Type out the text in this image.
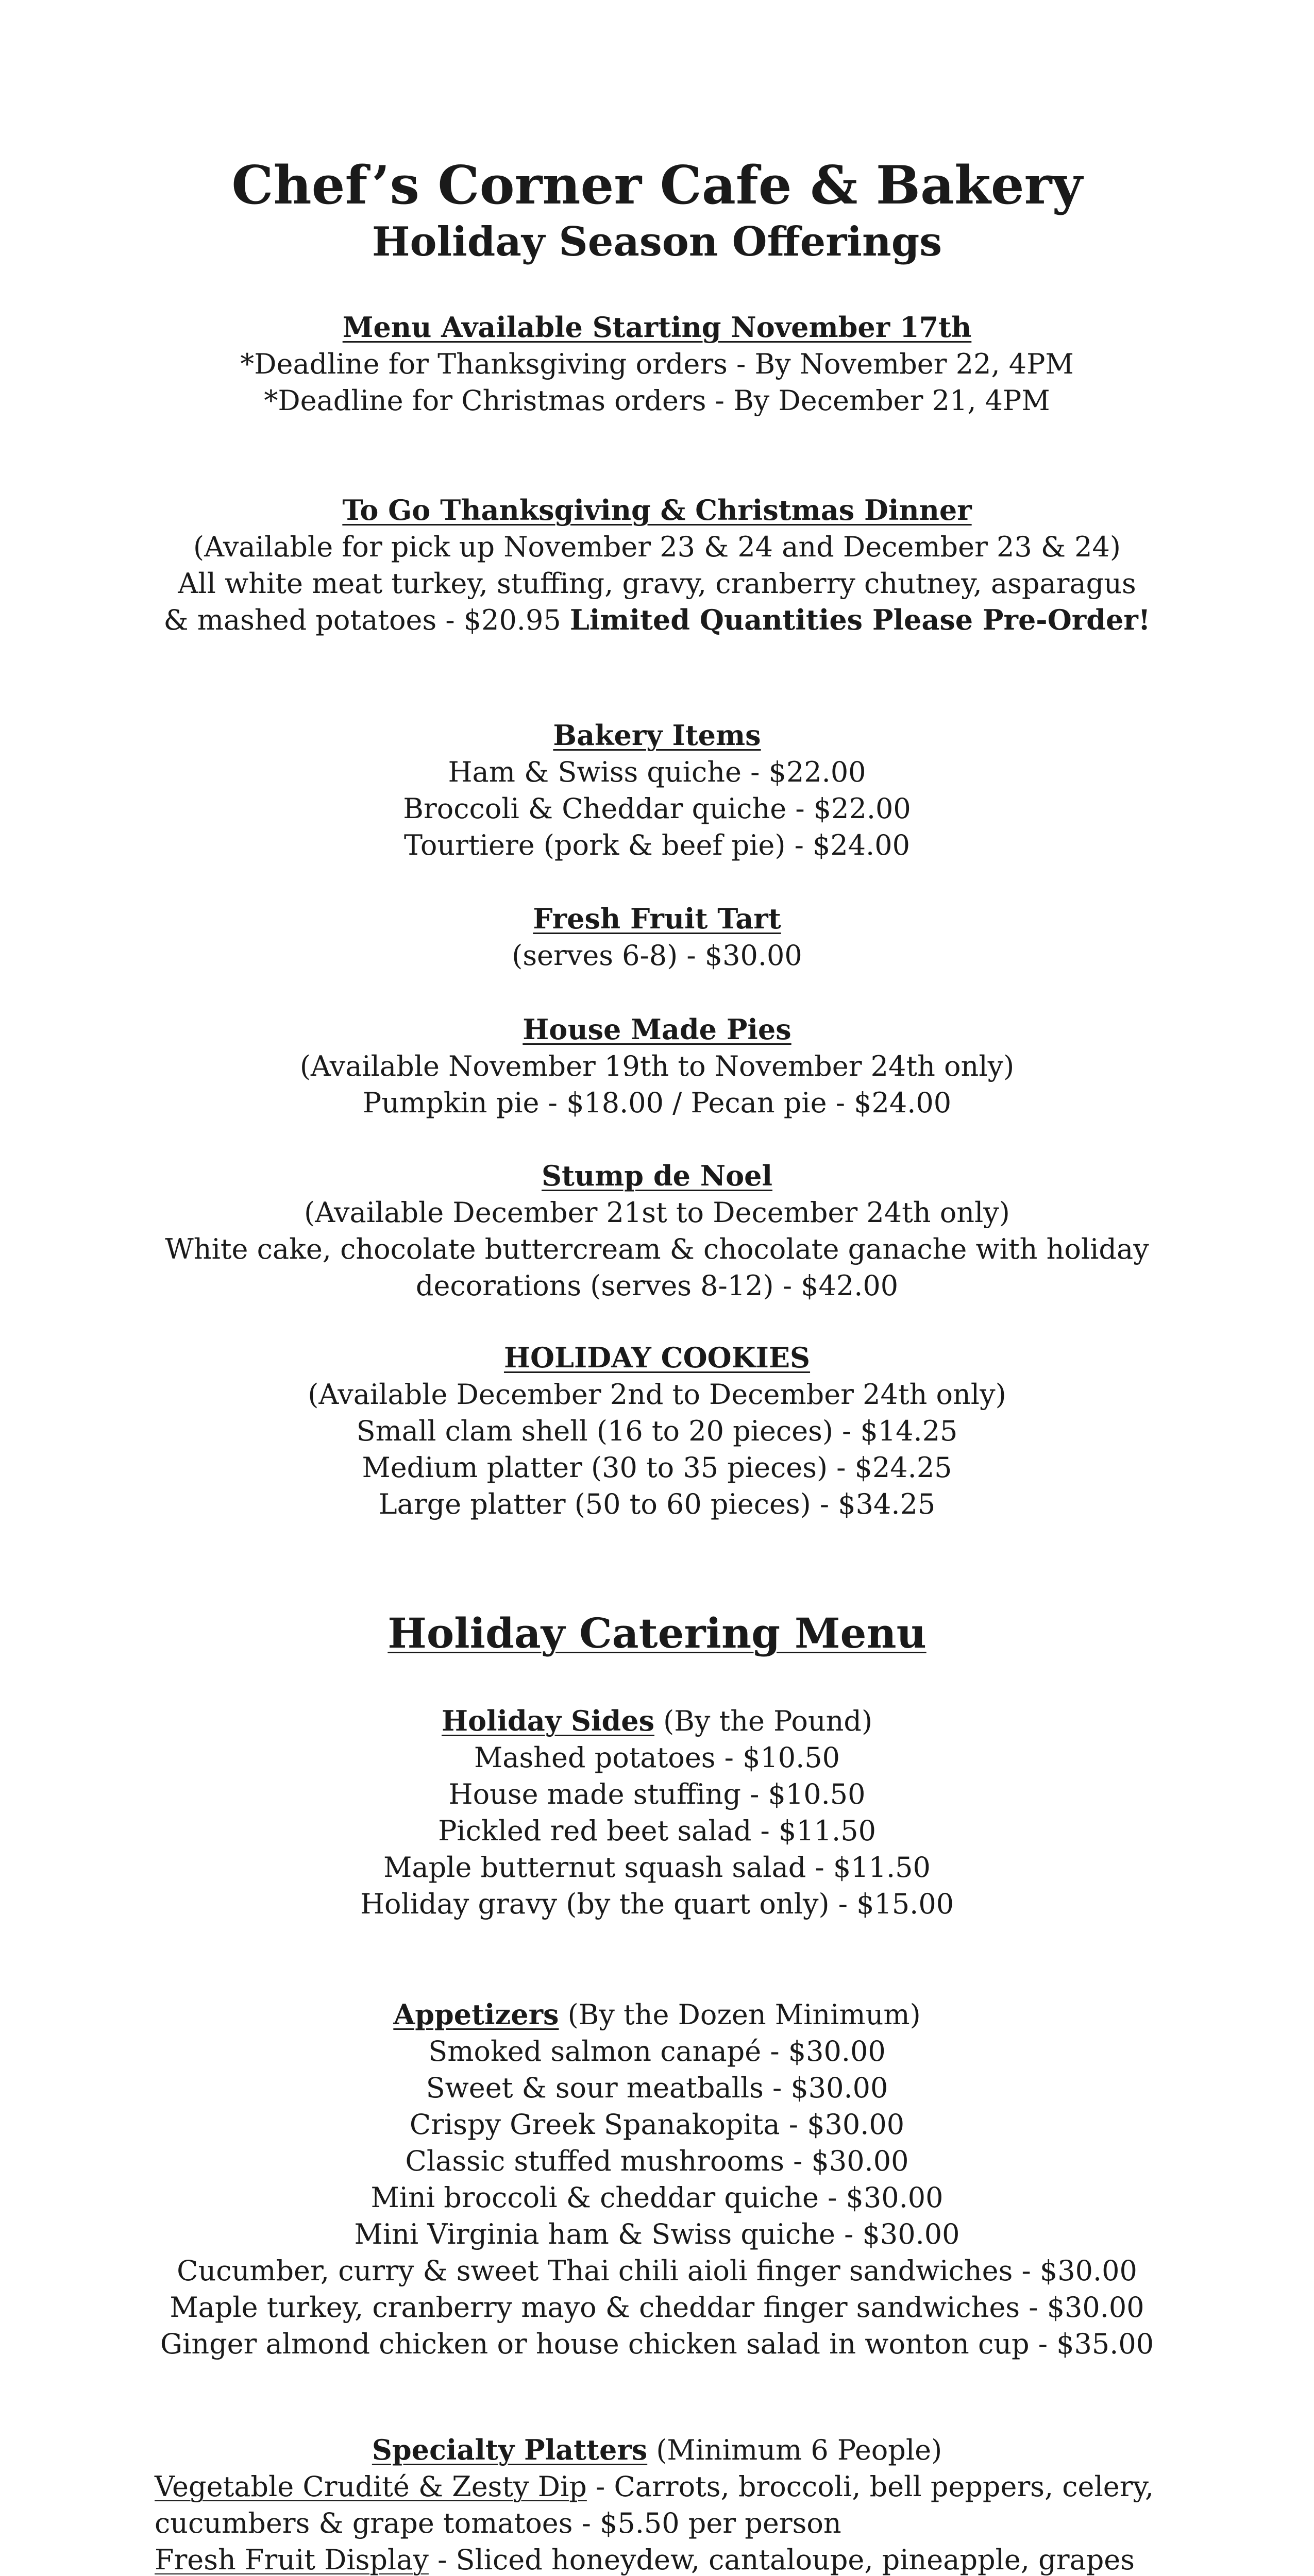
Chef’s Corner Cafe & Bakery
Holiday Season Offerings
Menu Available Starting November 17th
*Deadline for Thanksgiving orders - By November 22, 4PM
*Deadline for Christmas orders - By December 21, 4PM
To Go Thanksgiving & Christmas Dinner
(Available for pick up November 23 & 24 and December 23 & 24)
All white meat turkey, stuffing, gravy, cranberry chutney, asparagus
& mashed potatoes - $20.95 Limited Quantities Please Pre-Order!
Bakery Items
Ham & Swiss quiche - $22.00
Broccoli & Cheddar quiche - $22.00
Tourtiere (pork & beef pie) - $24.00
Fresh Fruit Tart
(serves 6-8) - $30.00
House Made Pies
(Available November 19th to November 24th only)
Pumpkin pie - $18.00 / Pecan pie - $24.00
Stump de Noel
(Available December 21st to December 24th only)
White cake, chocolate buttercream & chocolate ganache with holiday
decorations (serves 8-12) - $42.00
HOLIDAY COOKIES
(Available December 2nd to December 24th only)
Small clam shell (16 to 20 pieces) - $14.25
Medium platter (30 to 35 pieces) - $24.25
Large platter (50 to 60 pieces) - $34.25
Holiday Catering Menu
Holiday Sides (By the Pound)
Mashed potatoes - $10.50
House made stuffing - $10.50
Pickled red beet salad - $11.50
Maple butternut squash salad - $11.50
Holiday gravy (by the quart only) - $15.00
Appetizers (By the Dozen Minimum)
Smoked salmon canapé - $30.00
Sweet & sour meatballs - $30.00
Crispy Greek Spanakopita - $30.00
Classic stuffed mushrooms - $30.00
Mini broccoli & cheddar quiche - $30.00
Mini Virginia ham & Swiss quiche - $30.00
Cucumber, curry & sweet Thai chili aioli finger sandwiches - $30.00
Maple turkey, cranberry mayo & cheddar finger sandwiches - $30.00
Ginger almond chicken or house chicken salad in wonton cup - $35.00
Specialty Platters (Minimum 6 People)
Vegetable Crudité & Zesty Dip - Carrots, broccoli, bell peppers, celery,
cucumbers & grape tomatoes - $5.50 per person
Fresh Fruit Display - Sliced honeydew, cantaloupe, pineapple, grapes
